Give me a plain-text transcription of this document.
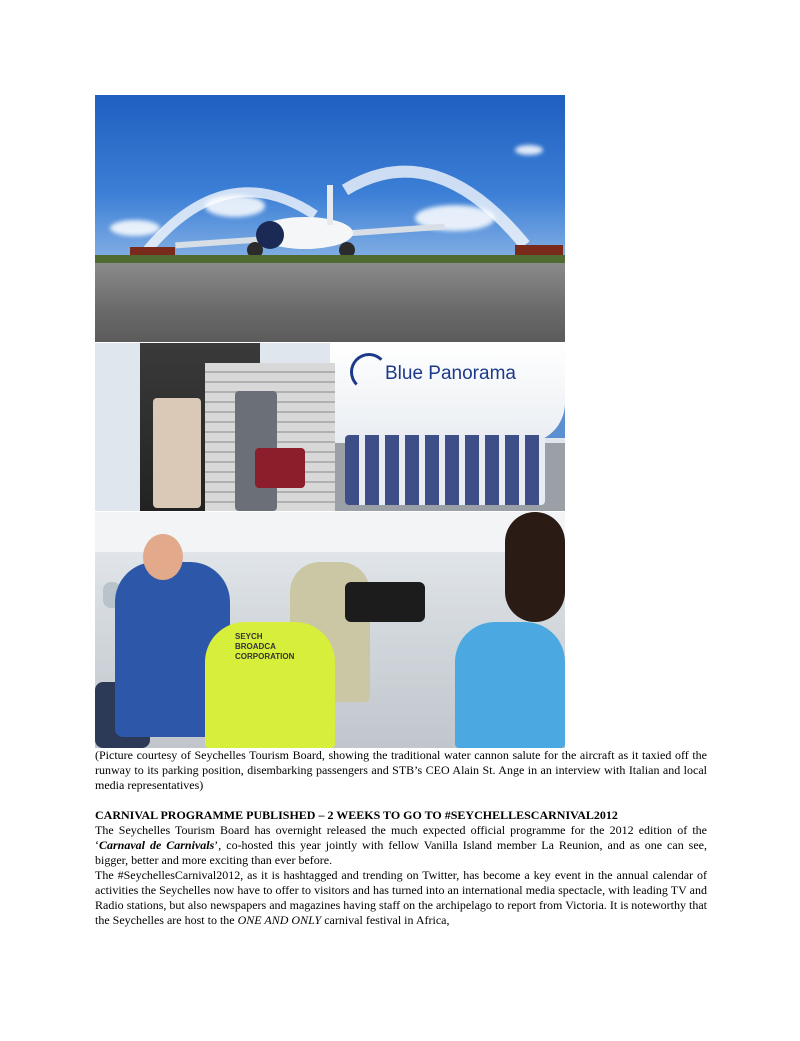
Blue Panorama
SEYCH
BROADCA
CORPORATION
(Picture courtesy of Seychelles Tourism Board, showing the traditional water cannon salute for the aircraft as it taxied off the runway to its parking position, disembarking passengers and STB’s CEO Alain St. Ange in an interview with Italian and local media representatives)
CARNIVAL PROGRAMME PUBLISHED – 2 WEEKS TO GO TO #SEYCHELLESCARNIVAL2012
The Seychelles Tourism Board has overnight released the much expected official programme for the 2012 edition of the ‘Carnaval de Carnivals’, co-hosted this year jointly with fellow Vanilla Island member La Reunion, and as one can see, bigger, better and more exciting than ever before.
The #SeychellesCarnival2012, as it is hashtagged and trending on Twitter, has become a key event in the annual calendar of activities the Seychelles now have to offer to visitors and has turned into an international media spectacle, with leading TV and Radio stations, but also newspapers and magazines having staff on the archipelago to report from Victoria. It is noteworthy that the Seychelles are host to the ONE AND ONLY carnival festival in Africa,
